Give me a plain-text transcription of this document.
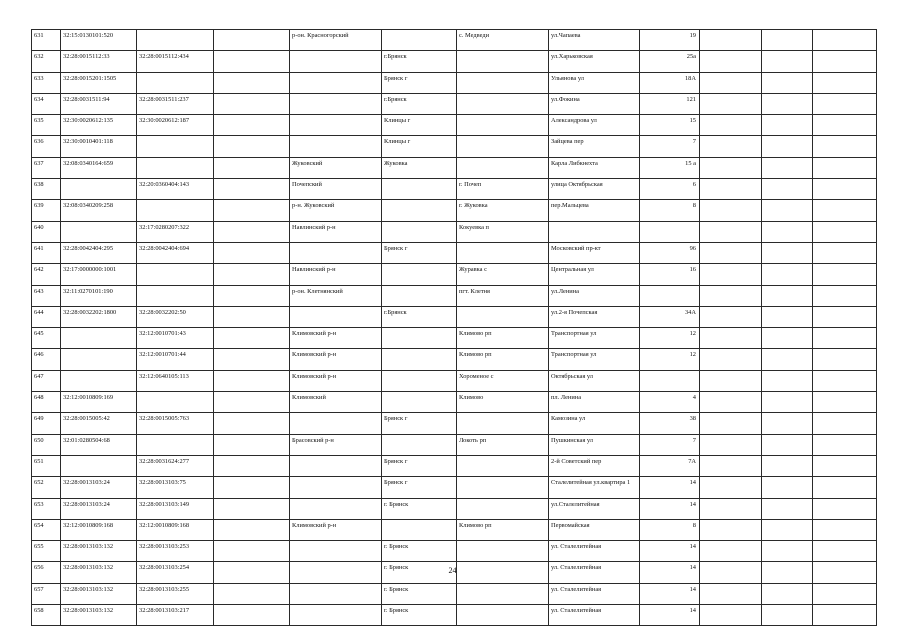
631	32:15:0130101:520			р-он. Красногорский		с. Медведи	ул.Чапаева	19			
632	32:28:0015112:33	32:28:0015112:434			г.Брянск		ул.Харьковская	25а			
633	32:28:0015201:1505				Брянск г		Ульянова ул	18А			
634	32:28:0031511:94	32:28:0031511:237			г.Брянск		ул.Фокина	121			
635	32:30:0020612:135	32:30:0020612:187			Клинцы г		Александрова ул	15			
636	32:30:0010401:118				Клинцы г		Зайцева пер	7			
637	32:08:0340164:659			Жуковский	Жуковка		Карла Либкнехта	15 а			
638		32:20:0360404:143		Почепский		г. Почеп	улица Октябрьская	6			
639	32:08:0340209:258			р-н. Жуковский		г. Жуковка	пер.Мальцева	8			
640		32:17:0280207:322		Навлинский р-н		Кокуевка п					
641	32:28:0042404:295	32:28:0042404:694			Брянск г		Московский пр-кт	96			
642	32:17:0000000:1001			Навлинский р-н		Журавка с	Центральная ул	16			
643	32:11:0270101:190			р-он. Клетнянский		пгт. Клетня	ул.Ленина				
644	32:28:0032202:1800	32:28:0032202:50			г.Брянск		ул.2-я Почепская	34А			
645		32:12:0010701:43		Климовский р-н		Климово рп	Транспортная ул	12			
646		32:12:0010701:44		Климовский р-н		Климово рп	Транспортная ул	12			
647		32:12:0640105:113		Климовский р-н		Хороменое с	Октябрьская ул				
648	32:12:0010809:169			Климовский		Климово	пл. Ленина	4			
649	32:28:0015005:42	32:28:0015005:763			Брянск г		Камозина ул	38			
650	32:01:0280504:68			Брасовский р-н		Локоть рп	Пушкинская ул	7			
651		32:28:0031624:277			Брянск г		2-й Советский пер	7А			
652	32:28:0013103:24	32:28:0013103:75			Брянск г		Сталелитейная ул.квартира 1	14			
653	32:28:0013103:24	32:28:0013103:149			г. Брянск		ул.Сталелитейная	14			
654	32:12:0010809:168	32:12:0010809:168		Климовский р-н		Климово рп	Первомайская	8			
655	32:28:0013103:132	32:28:0013103:253			г. Брянск		ул. Сталелитейная	14			
656	32:28:0013103:132	32:28:0013103:254			г. Брянск		ул. Сталелитейная	14			
657	32:28:0013103:132	32:28:0013103:255			г. Брянск		ул. Сталелитейная	14			
658	32:28:0013103:132	32:28:0013103:217			г. Брянск		ул. Сталелитейная	14			
24
